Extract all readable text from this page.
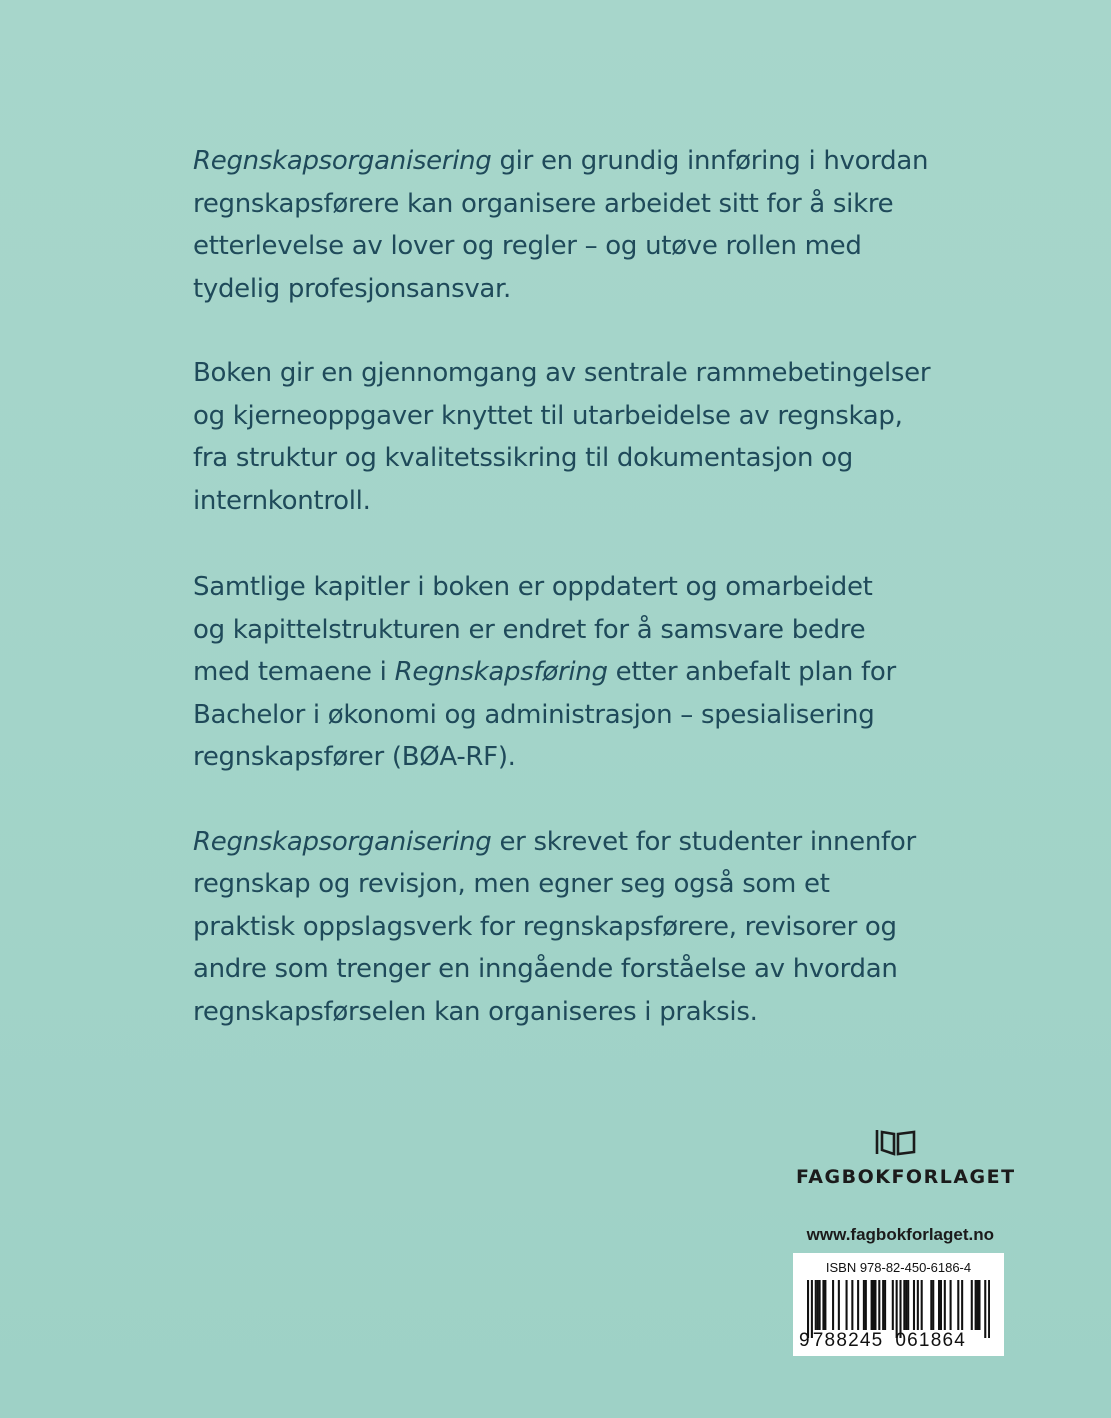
Regnskapsorganisering gir en grundig innføring i hvordan
regnskapsførere kan organisere arbeidet sitt for å sikre
etterlevelse av lover og regler – og utøve rollen med
tydelig profesjonsansvar.

Boken gir en gjennomgang av sentrale rammebetingelser
og kjerneoppgaver knyttet til utarbeidelse av regnskap,
fra struktur og kvalitetssikring til dokumentasjon og
internkontroll.

Samtlige kapitler i boken er oppdatert og omarbeidet
og kapittelstrukturen er endret for å samsvare bedre
med temaene i Regnskapsføring etter anbefalt plan for
Bachelor i økonomi og administrasjon – spesialisering
regnskapsfører (BØA-RF).

Regnskapsorganisering er skrevet for studenter innenfor
regnskap og revisjon, men egner seg også som et
praktisk oppslagsverk for regnskapsførere, revisorer og
andre som trenger en inngående forståelse av hvordan
regnskapsførselen kan organiseres i praksis.

FAGBOKFORLAGET
www.fagbokforlaget.no
ISBN 978-82-450-6186-4
9 788245 061864
